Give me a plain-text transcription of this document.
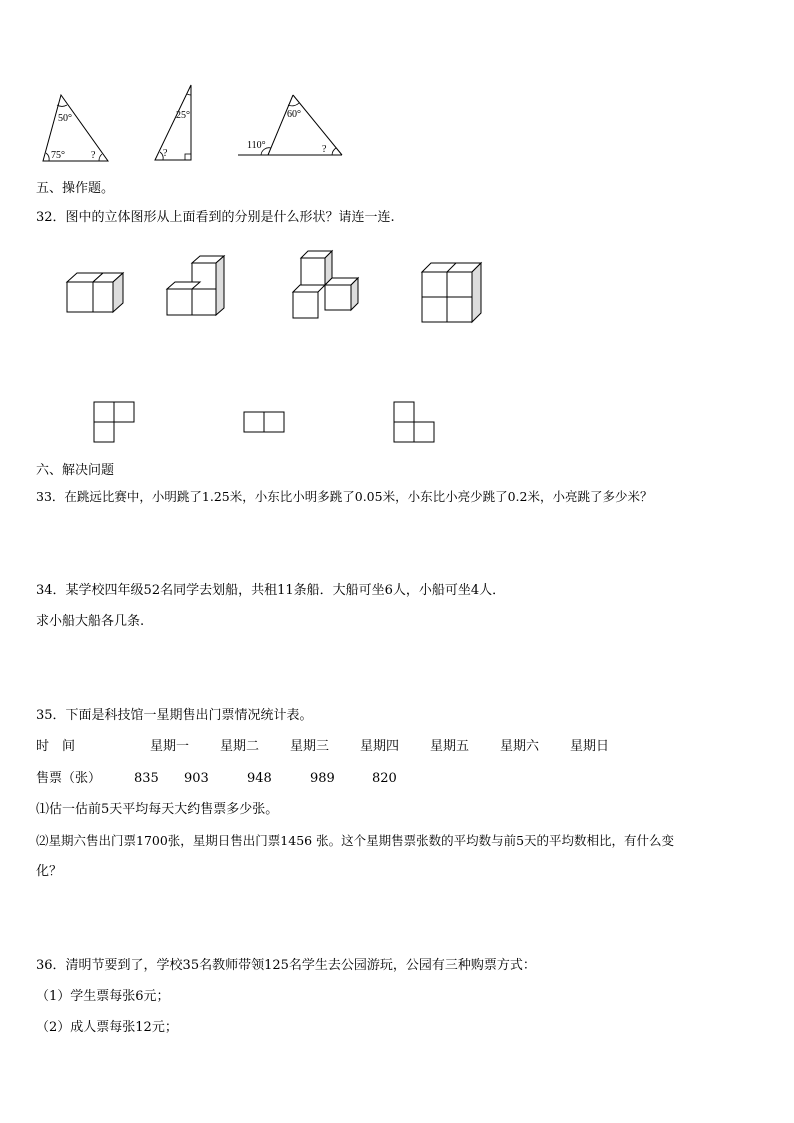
50°
75°	?
25°
?
60°
110°	?
五、操作题。
32．图中的立体图形从上面看到的分别是什么形状？请连一连.
六、解决问题
33．在跳远比赛中，小明跳了1.25米，小东比小明多跳了0.05米，小东比小亮少跳了0.2米，小亮跳了多少米？
34．某学校四年级52名同学去划船，共租11条船．大船可坐6人，小船可坐4人．
求小船大船各几条.
35．下面是科技馆一星期售出门票情况统计表。
时　间	星期一 星期二 星期三 星期四 星期五 星期六 星期日
售票（张）	835 903	948	989	820
⑴估一估前5天平均每天大约售票多少张。
⑵星期六售出门票1700张，星期日售出门票1456 张。这个星期售票张数的平均数与前5天的平均数相比，有什么变
化？
36．清明节要到了，学校35名教师带领125名学生去公园游玩，公园有三种购票方式：
（1）学生票每张6元；
（2）成人票每张12元；
